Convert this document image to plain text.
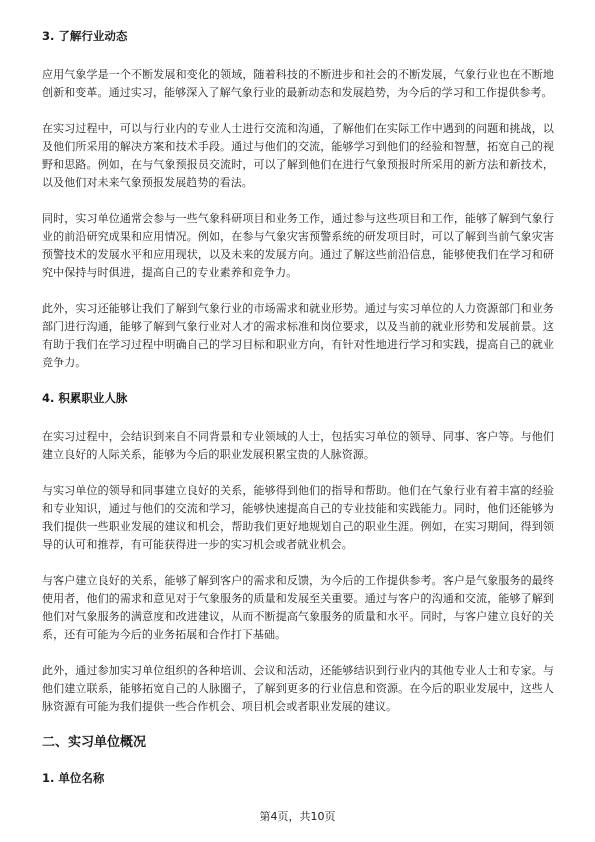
3. 了解行业动态

应用气象学是一个不断发展和变化的领域，随着科技的不断进步和社会的不断发展，气象行业也在不断地创新和变革。通过实习，能够深入了解气象行业的最新动态和发展趋势，为今后的学习和工作提供参考。

在实习过程中，可以与行业内的专业人士进行交流和沟通，了解他们在实际工作中遇到的问题和挑战，以及他们所采用的解决方案和技术手段。通过与他们的交流，能够学习到他们的经验和智慧，拓宽自己的视野和思路。例如，在与气象预报员交流时，可以了解到他们在进行气象预报时所采用的新方法和新技术，以及他们对未来气象预报发展趋势的看法。

同时，实习单位通常会参与一些气象科研项目和业务工作，通过参与这些项目和工作，能够了解到气象行业的前沿研究成果和应用情况。例如，在参与气象灾害预警系统的研发项目时，可以了解到当前气象灾害预警技术的发展水平和应用现状，以及未来的发展方向。通过了解这些前沿信息，能够使我们在学习和研究中保持与时俱进，提高自己的专业素养和竞争力。

此外，实习还能够让我们了解到气象行业的市场需求和就业形势。通过与实习单位的人力资源部门和业务部门进行沟通，能够了解到气象行业对人才的需求标准和岗位要求，以及当前的就业形势和发展前景。这有助于我们在学习过程中明确自己的学习目标和职业方向，有针对性地进行学习和实践，提高自己的就业竞争力。

4. 积累职业人脉

在实习过程中，会结识到来自不同背景和专业领域的人士，包括实习单位的领导、同事、客户等。与他们建立良好的人际关系，能够为今后的职业发展积累宝贵的人脉资源。

与实习单位的领导和同事建立良好的关系，能够得到他们的指导和帮助。他们在气象行业有着丰富的经验和专业知识，通过与他们的交流和学习，能够快速提高自己的专业技能和实践能力。同时，他们还能够为我们提供一些职业发展的建议和机会，帮助我们更好地规划自己的职业生涯。例如，在实习期间，得到领导的认可和推荐，有可能获得进一步的实习机会或者就业机会。

与客户建立良好的关系，能够了解到客户的需求和反馈，为今后的工作提供参考。客户是气象服务的最终使用者，他们的需求和意见对于气象服务的质量和发展至关重要。通过与客户的沟通和交流，能够了解到他们对气象服务的满意度和改进建议，从而不断提高气象服务的质量和水平。同时，与客户建立良好的关系，还有可能为今后的业务拓展和合作打下基础。

此外，通过参加实习单位组织的各种培训、会议和活动，还能够结识到行业内的其他专业人士和专家。与他们建立联系，能够拓宽自己的人脉圈子，了解到更多的行业信息和资源。在今后的职业发展中，这些人脉资源有可能为我们提供一些合作机会、项目机会或者职业发展的建议。

二、实习单位概况
1. 单位名称
第4页，共10页
